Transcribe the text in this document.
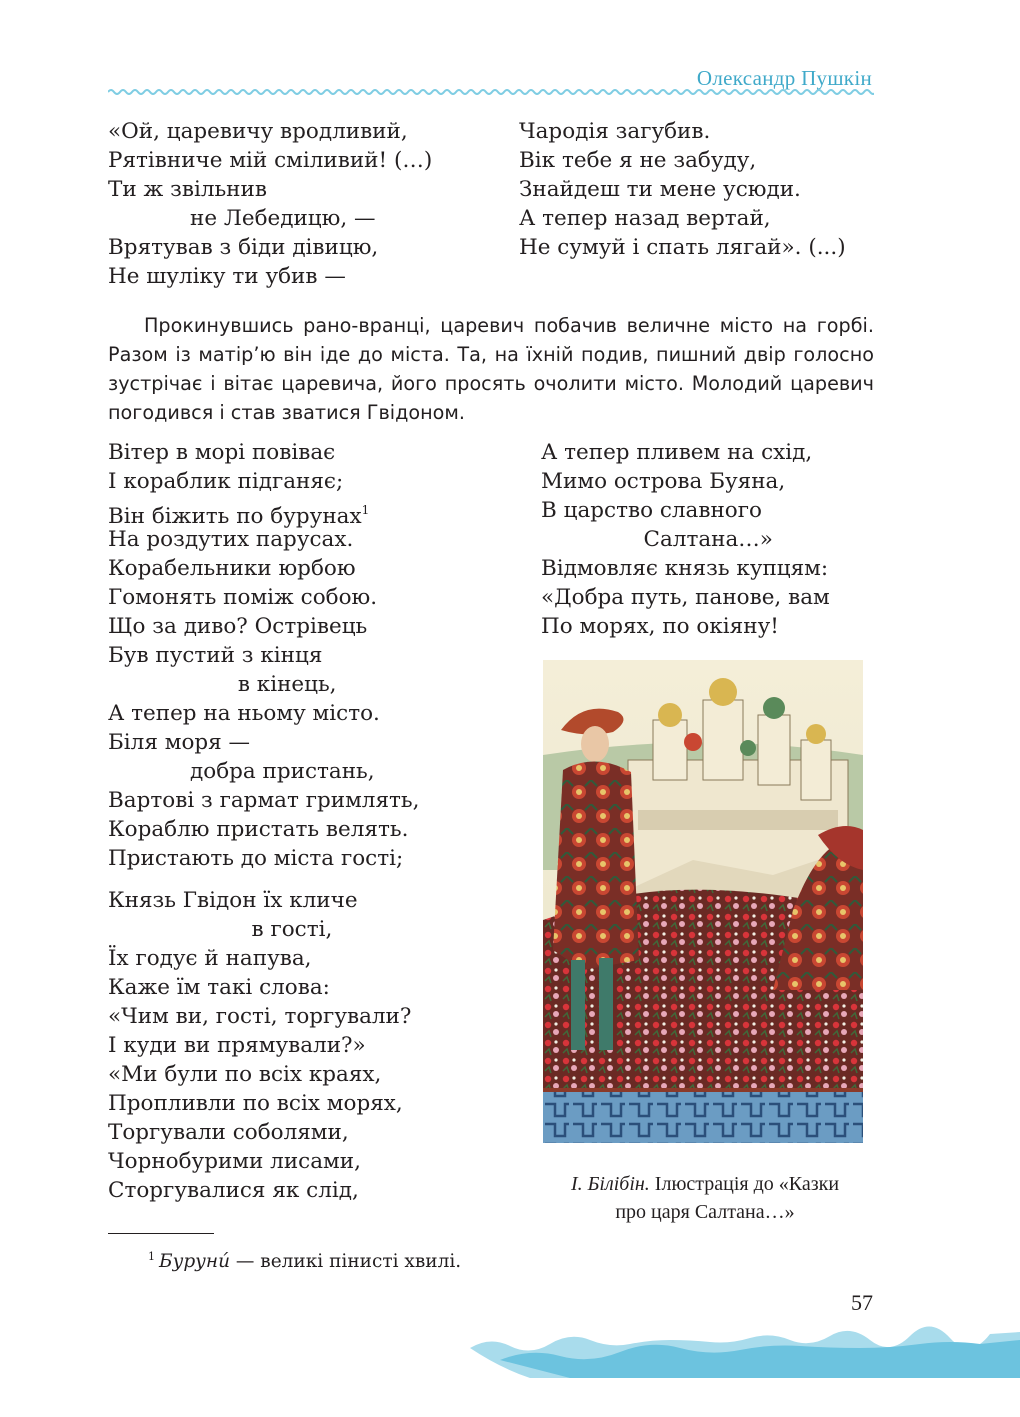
Олександр Пушкін
«Ой, царевичу вродливий,
Рятівниче мій сміливий! (…)
Ти ж звільнив
не Лебедицю, —
Врятував з біди дівицю,
Не шуліку ти убив —
Чародія загубив.
Вік тебе я не забуду,
Знайдеш ти мене усюди.
А тепер назад вертай,
Не сумуй і спать лягай». (...)

Прокинувшись рано-вранці, царевич побачив величне місто на горбі. Разом із матір’ю він іде до міста. Та, на їхній подив, пишний двір голосно зустрічає і вітає царевича, його просять очолити місто. Молодий царевич погодився і став зватися Гвідоном.

Вітер в морі повіває
І кораблик підганяє;
Він біжить по бурунах$^1$
На роздутих парусах.
Корабельники юрбою
Гомонять поміж собою.
Що за диво? Острівець
Був пустий з кінця
в кінець,
А тепер на ньому місто.
Біля моря —
добра пристань,
Вартові з гармат гримлять,
Кораблю пристать велять.
Пристають до міста гості;
Князь Гвідон їх кличе
в гості,
Їх годує й напува,
Каже їм такі слова:
«Чим ви, гості, торгували?
І куди ви прямували?»
«Ми були по всіх краях,
Пропливли по всіх морях,
Торгували соболями,
Чорнобурими лисами,
Сторгувалися як слід,
А тепер пливем на схід,
Мимо острова Буяна,
В царство славного
Салтана…»
Відмовляє князь купцям:
«Добра путь, панове, вам
По морях, по окіяну!
І. Білібін. Ілюстрація до «Казки
про царя Салтана…»
$^1$ Буруни́ — великі пінисті хвилі.
57
